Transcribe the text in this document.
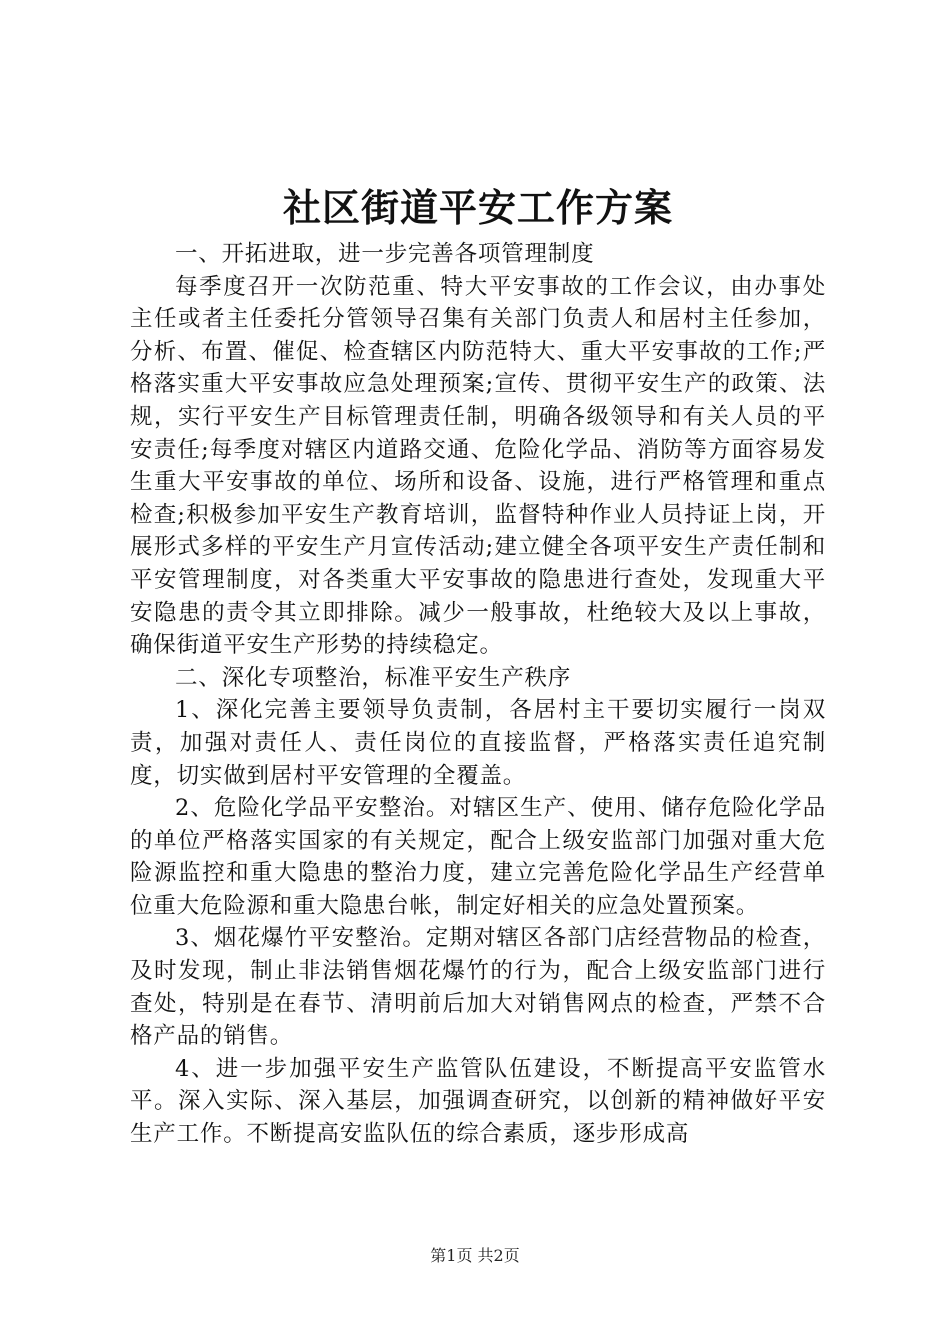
社区街道平安工作方案

一、开拓进取，进一步完善各项管理制度

每季度召开一次防范重、特大平安事故的工作会议，由办事处主任或者主任委托分管领导召集有关部门负责人和居村主任参加，分析、布置、催促、检查辖区内防范特大、重大平安事故的工作;严格落实重大平安事故应急处理预案;宣传、贯彻平安生产的政策、法规，实行平安生产目标管理责任制，明确各级领导和有关人员的平安责任;每季度对辖区内道路交通、危险化学品、消防等方面容易发生重大平安事故的单位、场所和设备、设施，进行严格管理和重点检查;积极参加平安生产教育培训，监督特种作业人员持证上岗，开展形式多样的平安生产月宣传活动;建立健全各项平安生产责任制和平安管理制度，对各类重大平安事故的隐患进行查处，发现重大平安隐患的责令其立即排除。减少一般事故，杜绝较大及以上事故，确保街道平安生产形势的持续稳定。

二、深化专项整治，标准平安生产秩序

1、深化完善主要领导负责制，各居村主干要切实履行一岗双责，加强对责任人、责任岗位的直接监督，严格落实责任追究制度，切实做到居村平安管理的全覆盖。

2、危险化学品平安整治。对辖区生产、使用、储存危险化学品的单位严格落实国家的有关规定，配合上级安监部门加强对重大危险源监控和重大隐患的整治力度，建立完善危险化学品生产经营单位重大危险源和重大隐患台帐，制定好相关的应急处置预案。

3、烟花爆竹平安整治。定期对辖区各部门店经营物品的检查，及时发现，制止非法销售烟花爆竹的行为，配合上级安监部门进行查处，特别是在春节、清明前后加大对销售网点的检查，严禁不合格产品的销售。

4、进一步加强平安生产监管队伍建设，不断提高平安监管水平。深入实际、深入基层，加强调查研究，以创新的精神做好平安生产工作。不断提高安监队伍的综合素质，逐步形成高

第1页 共2页
